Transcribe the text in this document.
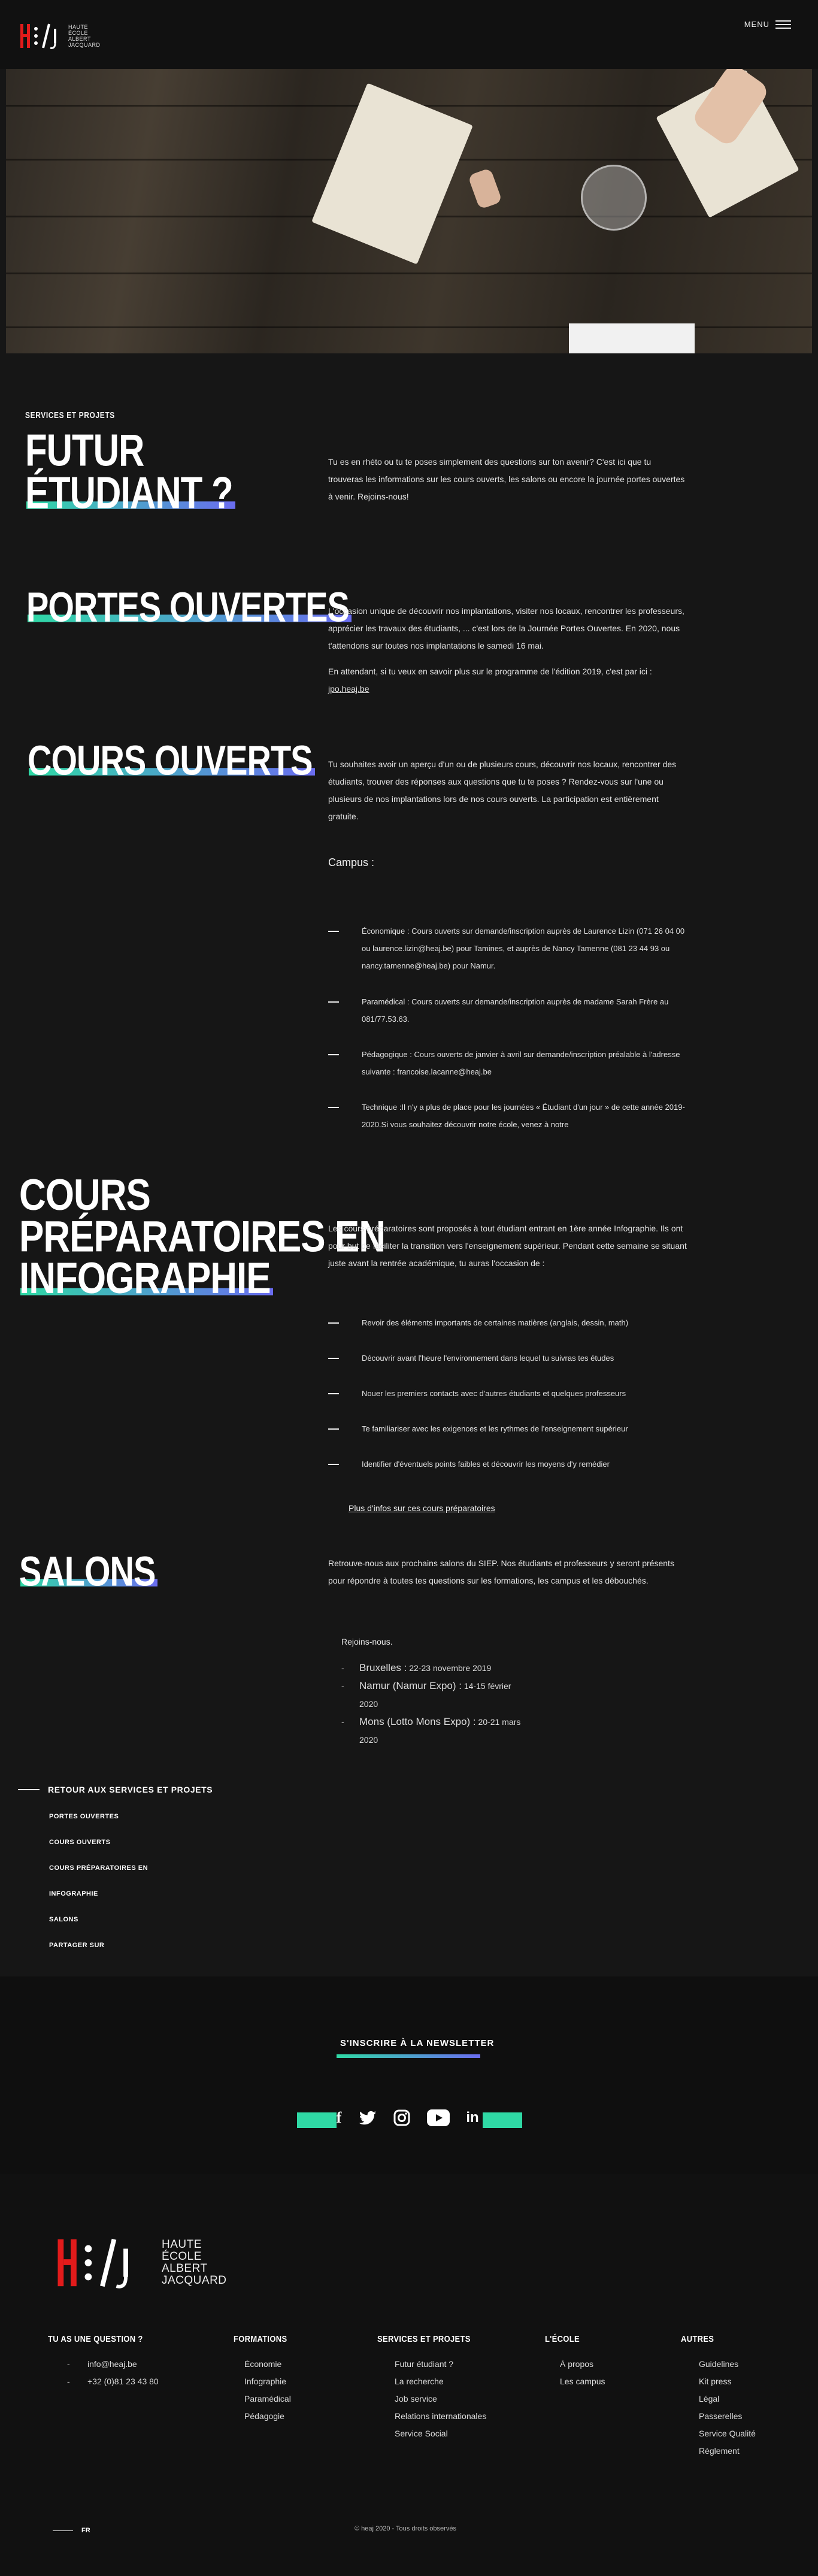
HAUTE
ÉCOLE
ALBERT
JACQUARD
MENU
SERVICES ET PROJETS
FUTUR
ÉTUDIANT ?
Tu es en rhéto ou tu te poses simplement des questions sur ton avenir? C'est ici que tu trouveras les informations sur les cours ouverts, les salons ou encore la journée portes ouvertes à venir. Rejoins-nous!
PORTES OUVERTES

L'occasion unique de découvrir nos implantations, visiter nos locaux, rencontrer les professeurs, apprécier les travaux des étudiants, ... c'est lors de la Journée Portes Ouvertes. En 2020, nous t'attendons sur toutes nos implantations le samedi 16 mai.

En attendant, si tu veux en savoir plus sur le programme de l'édition 2019, c'est par ici : jpo.heaj.be

COURS OUVERTS Tu souhaites avoir un aperçu d'un ou de plusieurs cours, découvrir nos locaux, rencontrer des étudiants, trouver des réponses aux questions que tu te poses ? Rendez-vous sur l'une ou plusieurs de nos implantations lors de nos cours ouverts. La participation est entièrement gratuite.
Campus :
Économique : Cours ouverts sur demande/inscription auprès de Laurence Lizin (071 26 04 00 ou laurence.lizin@heaj.be) pour Tamines, et auprès de Nancy Tamenne (081 23 44 93 ou nancy.tamenne@heaj.be) pour Namur.
Paramédical : Cours ouverts sur demande/inscription auprès de madame Sarah Frère au 081/77.53.63.
Pédagogique : Cours ouverts de janvier à avril sur demande/inscription préalable à l'adresse suivante : francoise.lacanne@heaj.be
Technique :Il n'y a plus de place pour les journées « Étudiant d'un jour » de cette année 2019-2020.Si vous souhaitez découvrir notre école, venez à notre
COURS
PRÉPARATOIRES EN
INFOGRAPHIE
Les cours préparatoires sont proposés à tout étudiant entrant en 1ère année Infographie. Ils ont pour but de faciliter la transition vers l'enseignement supérieur. Pendant cette semaine se situant juste avant la rentrée académique, tu auras l'occasion de :
Revoir des éléments importants de certaines matières (anglais, dessin, math)
Découvrir avant l'heure l'environnement dans lequel tu suivras tes études
Nouer les premiers contacts avec d'autres étudiants et quelques professeurs
Te familiariser avec les exigences et les rythmes de l'enseignement supérieur
Identifier d'éventuels points faibles et découvrir les moyens d'y remédier
Plus d'infos sur ces cours préparatoires
SALONS	Retrouve-nous aux prochains salons du SIEP. Nos étudiants et professeurs y seront présents pour répondre à toutes tes questions sur les formations, les campus et les débouchés.
Rejoins-nous.
- Bruxelles : 22-23 novembre 2019
- Namur (Namur Expo) : 14-15 février
2020
- Mons (Lotto Mons Expo) : 20-21 mars
2020
RETOUR AUX SERVICES ET PROJETS
PORTES OUVERTES
COURS OUVERTS
COURS PRÉPARATOIRES EN
INFOGRAPHIE
SALONS
PARTAGER SUR
S'INSCRIRE À LA NEWSLETTER
f	in
HAUTE
ÉCOLE
ALBERT
JACQUARD
TU AS UNE QUESTION ?
- info@heaj.be
- +32 (0)81 23 43 80
FORMATIONS
Économie
Infographie
Paramédical
Pédagogie
SERVICES ET PROJETS
Futur étudiant ?
La recherche
Job service
Relations internationales
Service Social
L'ÉCOLE
À propos
Les campus
AUTRES
Guidelines
Kit press
Légal
Passerelles
Service Qualité
Règlement
FR	© heaj 2020 - Tous droits observés
